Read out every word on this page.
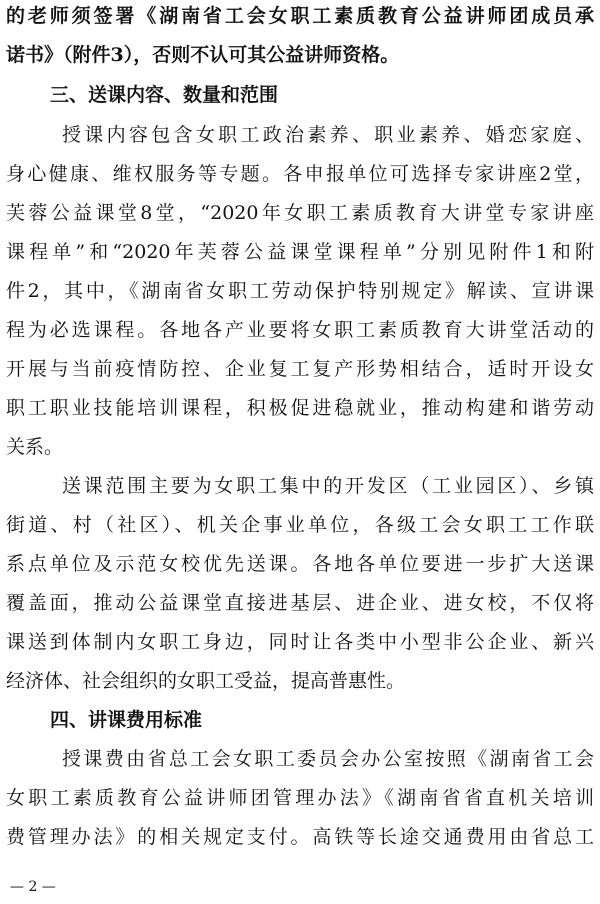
的老师须签署《湖南省工会女职工素质教育公益讲师团成员承
诺书》（附件3），否则不认可其公益讲师资格。
三、送课内容、数量和范围
授课内容包含女职工政治素养、职业素养、婚恋家庭、
身心健康、维权服务等专题。各申报单位可选择专家讲座2堂，
芙蓉公益课堂8堂，“2020年女职工素质教育大讲堂专家讲座
课程单”和“2020年芙蓉公益课堂课程单”分别见附件1和附
件2，其中，《湖南省女职工劳动保护特别规定》解读、宣讲课
程为必选课程。各地各产业要将女职工素质教育大讲堂活动的
开展与当前疫情防控、企业复工复产形势相结合，适时开设女
职工职业技能培训课程，积极促进稳就业，推动构建和谐劳动
关系。
送课范围主要为女职工集中的开发区（工业园区）、乡镇
街道、村（社区）、机关企事业单位，各级工会女职工工作联
系点单位及示范女校优先送课。各地各单位要进一步扩大送课
覆盖面，推动公益课堂直接进基层、进企业、进女校，不仅将
课送到体制内女职工身边，同时让各类中小型非公企业、新兴
经济体、社会组织的女职工受益，提高普惠性。
四、讲课费用标准
授课费由省总工会女职工委员会办公室按照《湖南省工会
女职工素质教育公益讲师团管理办法》《湖南省省直机关培训
费管理办法》的相关规定支付。高铁等长途交通费用由省总工
— 2 —
